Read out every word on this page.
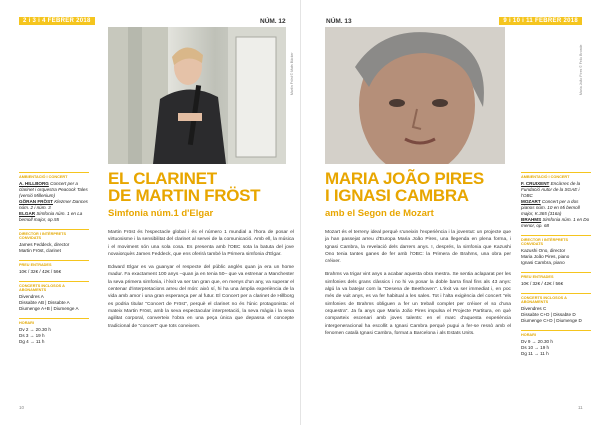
2 i 3 i 4 FEBRER 2018	NÚM. 12
Martin Fröst © Mats Bäcker
AMBIENTACIÓ I CONCERT
A. HILLBORG Concert per a clarinet i orquestra Peacock Tales (versió Millenium)
GÖRAN FRÖST Klezmer Dances núm. 2 i núm. 3
ELGAR Simfonia núm. 1 en La bemoll major, op.55
DIRECTOR I INTÈRPRETS CONVIDATS
James Feddeck, director
Martin Fröst, clarinet
PREU ENTRADES
10€ / 32€ / 42€ / 56€
CONCERTS INCLOSOS A ABONAMENTS
Divendres A
Dissabte AB | Dissabte A
Diumenge A+B | Diumenge A
HORARI
Dv 2 → 20.30 h
Ds 3 → 19 h
Dg 4 → 11 h
EL CLARINET
DE MARTIN FRÖST
Simfonia núm.1 d'Elgar

Martin Fröst és l'espectacle global i és el número 1 mundial a l'hora de posar el virtuosisme i la sensibilitat del clarinet al servei de la comunicació. Amb ell, la música i el moviment són una sola cosa. Es presenta amb l'OBC sota la batuta del jove novaiorquès James Feddeck, que ens oferirà també la Primera simfonia d'Elgar.

Edward Elgar es va guanyar el respecte del públic anglès quan ja era un home madur. Fa exactament 100 anys –quan ja en tenia 50– que va estrenar a Manchester la seva primera simfonia, i l'èxit va ser tan gran que, en menys d'un any, va superar el centenar d'interpretacions arreu del món: això sí, hi ha una àmplia experiència de la vida amb amor i una gran esperança per al futur. El Concert per a clarinet de Hillborg es podria titular "Concert de Fröst", perquè el clarinet no és l'únic protagonista: el mateix Martin Fröst, amb la seva espectacular interpretació, la seva màgia i la seva agilitat corporal, converteix l'obra en una peça única que depassa el concepte tradicional de "concert" que tots coneixem.

10
9 i 10 i 11 FEBRER 2018
NÚM. 13
Maria João Pires © Felix Broede
MARIA JOÃO PIRES
I IGNASI CAMBRA
amb el Segon de Mozart

Mozart és el terreny ideal perquè s'uneixin l'experiència i la joventut: un projecte que ja han passejat arreu d'Europa Maria João Pires, una llegenda en plena forma, i Ignasi Cambra, la revelació dels darrers anys. I, després, la simfonia que Kazushi Ono tenia tantes ganes de fer amb l'OBC: la Primera de Brahms, una obra per créixer.

Brahms va trigar vint anys a acabar aquesta obra mestra. Se sentia aclaparat per les simfonies dels grans clàssics i no hi va posar la doble barra final fins als 43 anys: algú la va batejar com la "Desena de Beethoven". L'èxit va ser immediat i, en poc més de vuit anys, es va fer habitual a les sales. Tot i l'alta exigència del concert "els simfonies de Brahms obliguen a fer un treball complet per créixer el so d'una orquestra". Ja fa anys que Maria João Pires impulsa el Projecte Partitura, en què comparteix escenari amb joves talents: en el marc d'aquesta experiència intergeneracional ha escollit a Ignasi Cambra perquè pugui a fer-se ressò amb el fenomen català Ignasi Cambra, format a Barcelona i als Estats Units.

AMBIENTACIÓ I CONCERT
F. CRUIXENT Encàrrec de la Fundació Autor de la SGAE i l'OBC
MOZART Concert per a dos pianos núm. 10 en Mi bemoll major, K.365 (316a)
BRAHMS Simfonia núm. 1 en Do menor, op. 68
DIRECTOR I INTÈRPRETS CONVIDATS
Kazushi Ono, director
Maria João Pires, piano
Ignasi Cambra, piano
PREU ENTRADES
10€ / 32€ / 42€ / 56€
CONCERTS INCLOSOS A ABONAMENTS
Divendres C
Dissabte C+D | Dissabte D
Diumenge C+D | Diumenge D
HORARI
Dv 9 → 20.30 h
Ds 10 → 19 h
Dg 11 → 11 h
11
